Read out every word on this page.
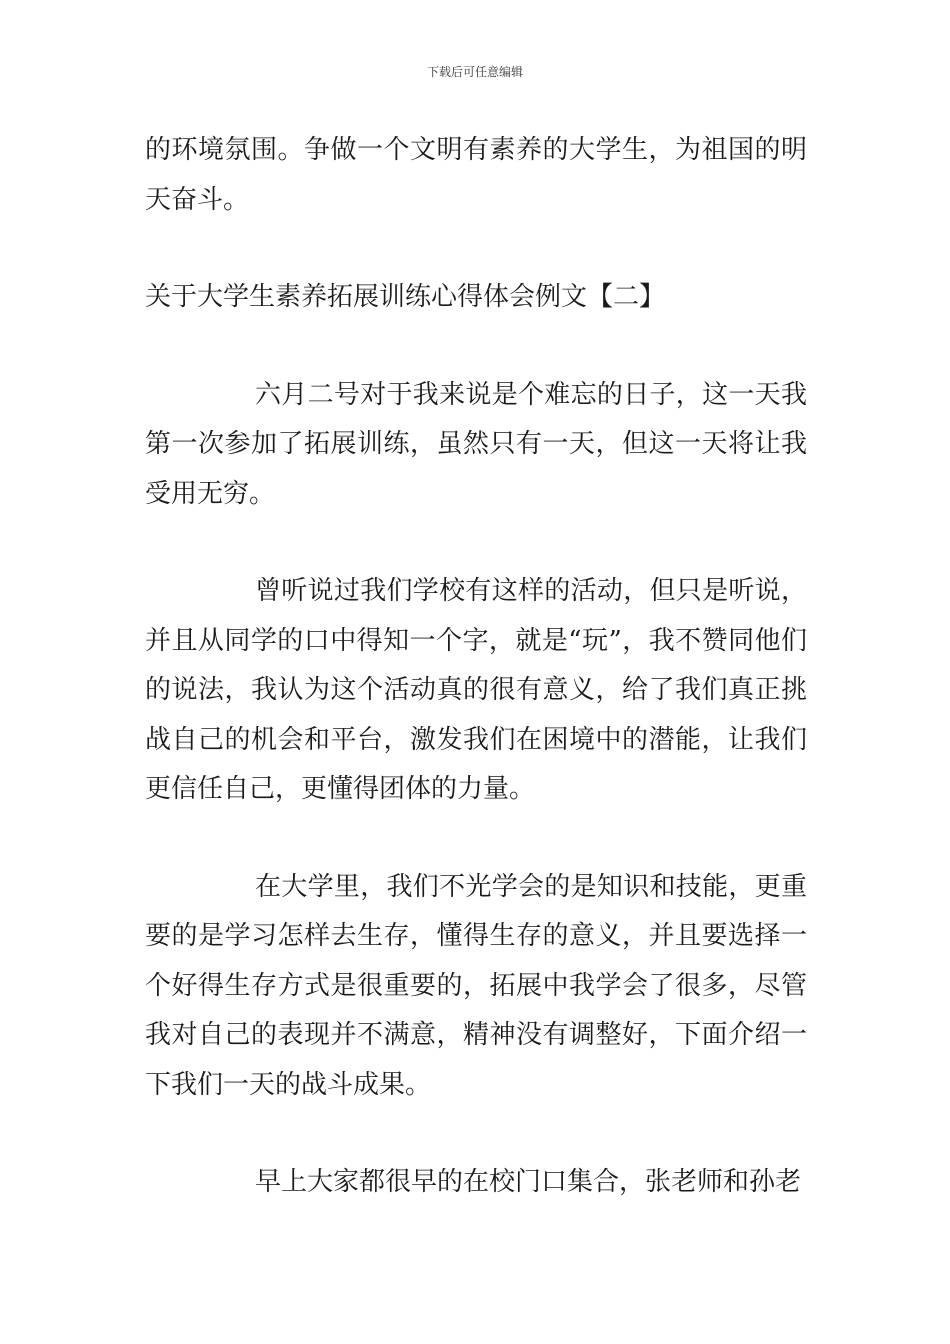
下载后可任意编辑

的环境氛围。争做一个文明有素养的大学生，为祖国的明天奋斗。

关于大学生素养拓展训练心得体会例文【二】

六月二号对于我来说是个难忘的日子，这一天我第一次参加了拓展训练，虽然只有一天，但这一天将让我受用无穷。

曾听说过我们学校有这样的活动，但只是听说，并且从同学的口中得知一个字，就是“玩”，我不赞同他们的说法，我认为这个活动真的很有意义，给了我们真正挑战自己的机会和平台，激发我们在困境中的潜能，让我们更信任自己，更懂得团体的力量。

在大学里，我们不光学会的是知识和技能，更重要的是学习怎样去生存，懂得生存的意义，并且要选择一个好得生存方式是很重要的，拓展中我学会了很多，尽管我对自己的表现并不满意，精神没有调整好，下面介绍一下我们一天的战斗成果。

早上大家都很早的在校门口集合，张老师和孙老
